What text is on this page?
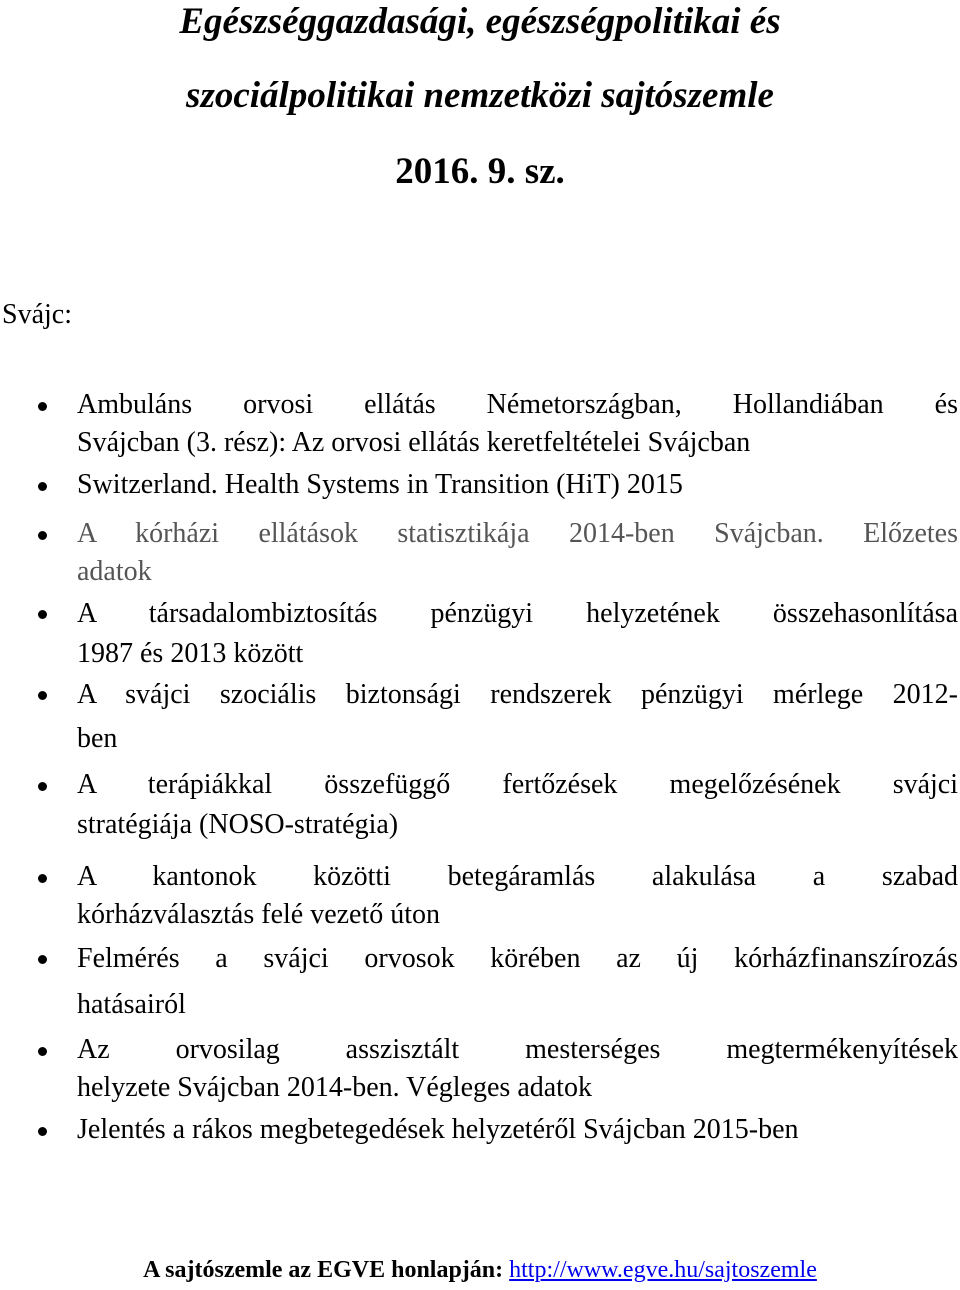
Egészséggazdasági, egészségpolitikai és
szociálpolitikai nemzetközi sajtószemle
2016. 9. sz.
Svájc:
Ambuláns orvosi ellátás Németországban, Hollandiában és
Svájcban (3. rész): Az orvosi ellátás keretfeltételei Svájcban
Switzerland. Health Systems in Transition (HiT) 2015
A kórházi ellátások statisztikája 2014-ben Svájcban. Előzetes
adatok
A társadalombiztosítás pénzügyi helyzetének összehasonlítása
1987 és 2013 között
A svájci szociális biztonsági rendszerek pénzügyi mérlege 2012-
ben
A terápiákkal összefüggő fertőzések megelőzésének svájci
stratégiája (NOSO-stratégia)
A kantonok közötti betegáramlás alakulása a szabad
kórházválasztás felé vezető úton
Felmérés a svájci orvosok körében az új kórházfinanszírozás
hatásairól
Az orvosilag asszisztált mesterséges megtermékenyítések
helyzete Svájcban 2014-ben. Végleges adatok
Jelentés a rákos megbetegedések helyzetéről Svájcban 2015-ben

A sajtószemle az EGVE honlapján: http://www.egve.hu/sajtoszemle
